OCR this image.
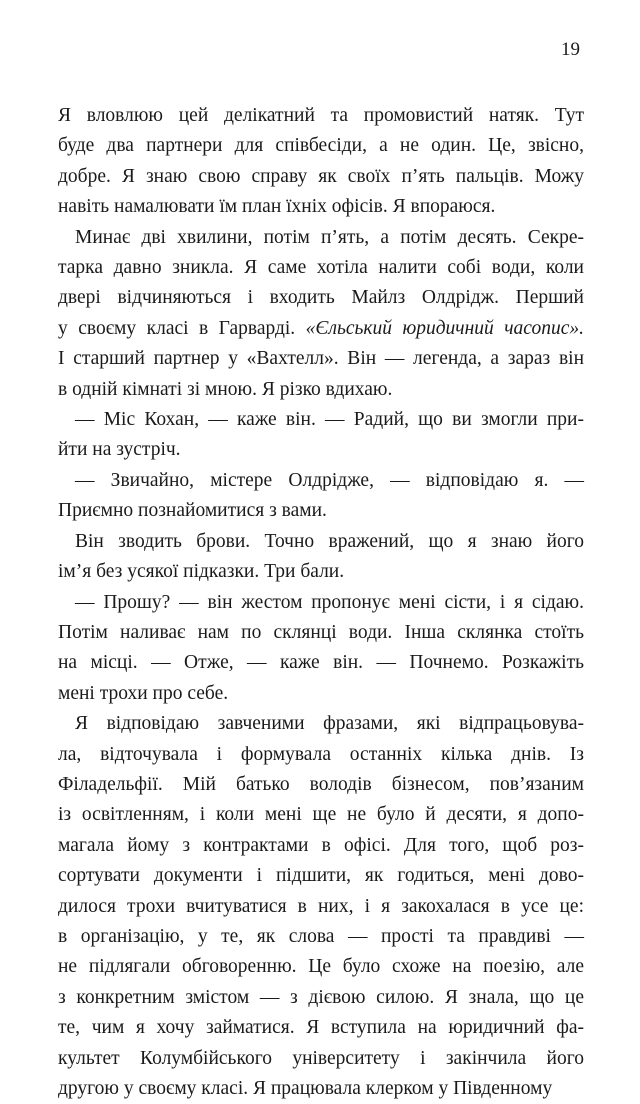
19

Я вловлюю цей делікатний та промовистий натяк. Тут
буде два партнери для співбесіди, а не один. Це, звісно,
добре. Я знаю свою справу як своїх п’ять пальців. Можу
навіть намалювати їм план їхніх офісів. Я впораюся.

Минає дві хвилини, потім п’ять, а потім десять. Секре-
тарка давно зникла. Я саме хотіла налити собі води, коли
двері відчиняються і входить Майлз Олдрідж. Перший
у своєму класі в Гарварді. «Єльський юридичний часопис».
І старший партнер у «Вахтелл». Він — легенда, а зараз він
в одній кімнаті зі мною. Я різко вдихаю.

— Міс Кохан, — каже він. — Радий, що ви змогли при-
йти на зустріч.

— Звичайно, містере Олдрідже, — відповідаю я. —
Приємно познайомитися з вами.

Він зводить брови. Точно вражений, що я знаю його
ім’я без усякої підказки. Три бали.

— Прошу? — він жестом пропонує мені сісти, і я сідаю.
Потім наливає нам по склянці води. Інша склянка стоїть
на місці. — Отже, — каже він. — Почнемо. Розкажіть
мені трохи про себе.

Я відповідаю завченими фразами, які відпрацьовува-
ла, відточувала і формувала останніх кілька днів. Із
Філадельфії. Мій батько володів бізнесом, пов’язаним
із освітленням, і коли мені ще не було й десяти, я допо-
магала йому з контрактами в офісі. Для того, щоб роз-
сортувати документи і підшити, як годиться, мені дово-
дилося трохи вчитуватися в них, і я закохалася в усе це:
в організацію, у те, як слова — прості та правдиві —
не підлягали обговоренню. Це було схоже на поезію, але
з конкретним змістом — з дієвою силою. Я знала, що це
те, чим я хочу займатися. Я вступила на юридичний фа-
культет Колумбійського університету і закінчила його
другою у своєму класі. Я працювала клерком у Південному
